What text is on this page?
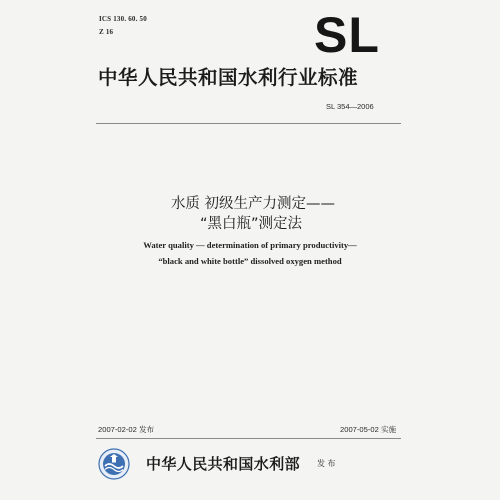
ICS 130. 60. 50
Z 16	SL
中华人民共和国水利行业标准
SL 354—2006
水质 初级生产力测定——
“黑白瓶”测定法
Water quality — determination of primary productivity—
“black and white bottle” dissolved oxygen method
2007-02-02 发布	2007-05-02 实施
中华人民共和国水利部 发 布
